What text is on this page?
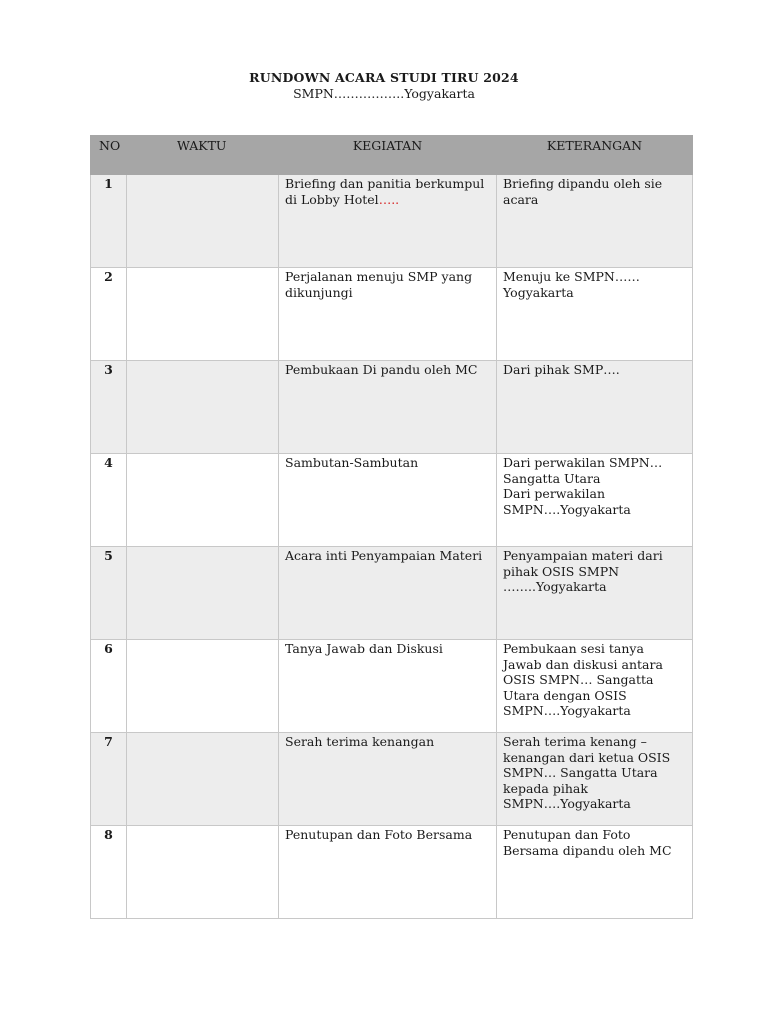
RUNDOWN ACARA STUDI TIRU 2024
SMPN……………..Yogyakarta
NO	WAKTU	KEGIATAN	KETERANGAN
1		Briefing dan panitia berkumpul di Lobby Hotel…..	Briefing dipandu oleh sie acara

2		Perjalanan menuju SMP yang dikunjungi	Menuju ke SMPN…… Yogyakarta

3		Pembukaan Di pandu oleh MC	Dari pihak SMP….

4		Sambutan-Sambutan	Dari perwakilan SMPN… Sangatta Utara
Dari perwakilan SMPN….Yogyakarta

5		Acara inti Penyampaian Materi	Penyampaian materi dari pihak OSIS SMPN ……..Yogyakarta

6		Tanya Jawab dan Diskusi	Pembukaan sesi tanya Jawab dan diskusi antara OSIS SMPN… Sangatta Utara dengan OSIS SMPN….Yogyakarta

7		Serah terima kenangan	Serah terima kenang – kenangan dari ketua OSIS SMPN… Sangatta Utara kepada pihak SMPN….Yogyakarta

8		Penutupan dan Foto Bersama	Penutupan dan Foto Bersama dipandu oleh MC
